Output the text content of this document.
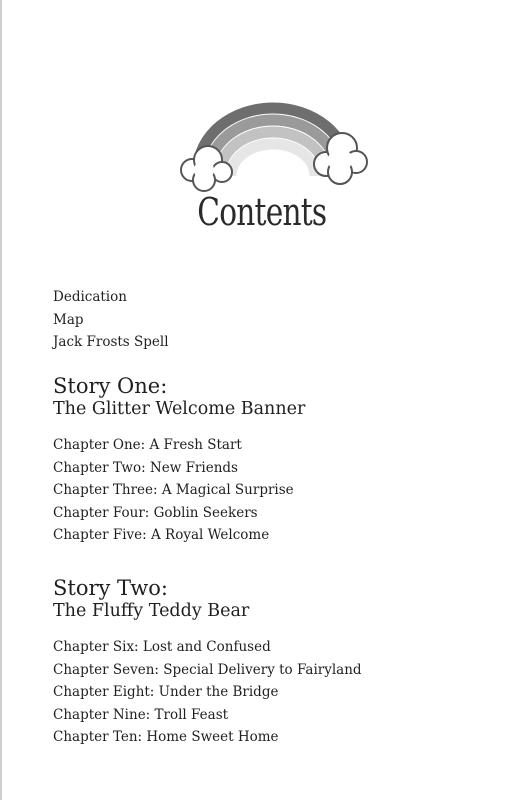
Contents
Dedication
Map
Jack Frosts Spell
Story One:
The Glitter Welcome Banner
Chapter One: A Fresh Start
Chapter Two: New Friends
Chapter Three: A Magical Surprise
Chapter Four: Goblin Seekers
Chapter Five: A Royal Welcome
Story Two:
The Fluffy Teddy Bear
Chapter Six: Lost and Confused
Chapter Seven: Special Delivery to Fairyland
Chapter Eight: Under the Bridge
Chapter Nine: Troll Feast
Chapter Ten: Home Sweet Home
